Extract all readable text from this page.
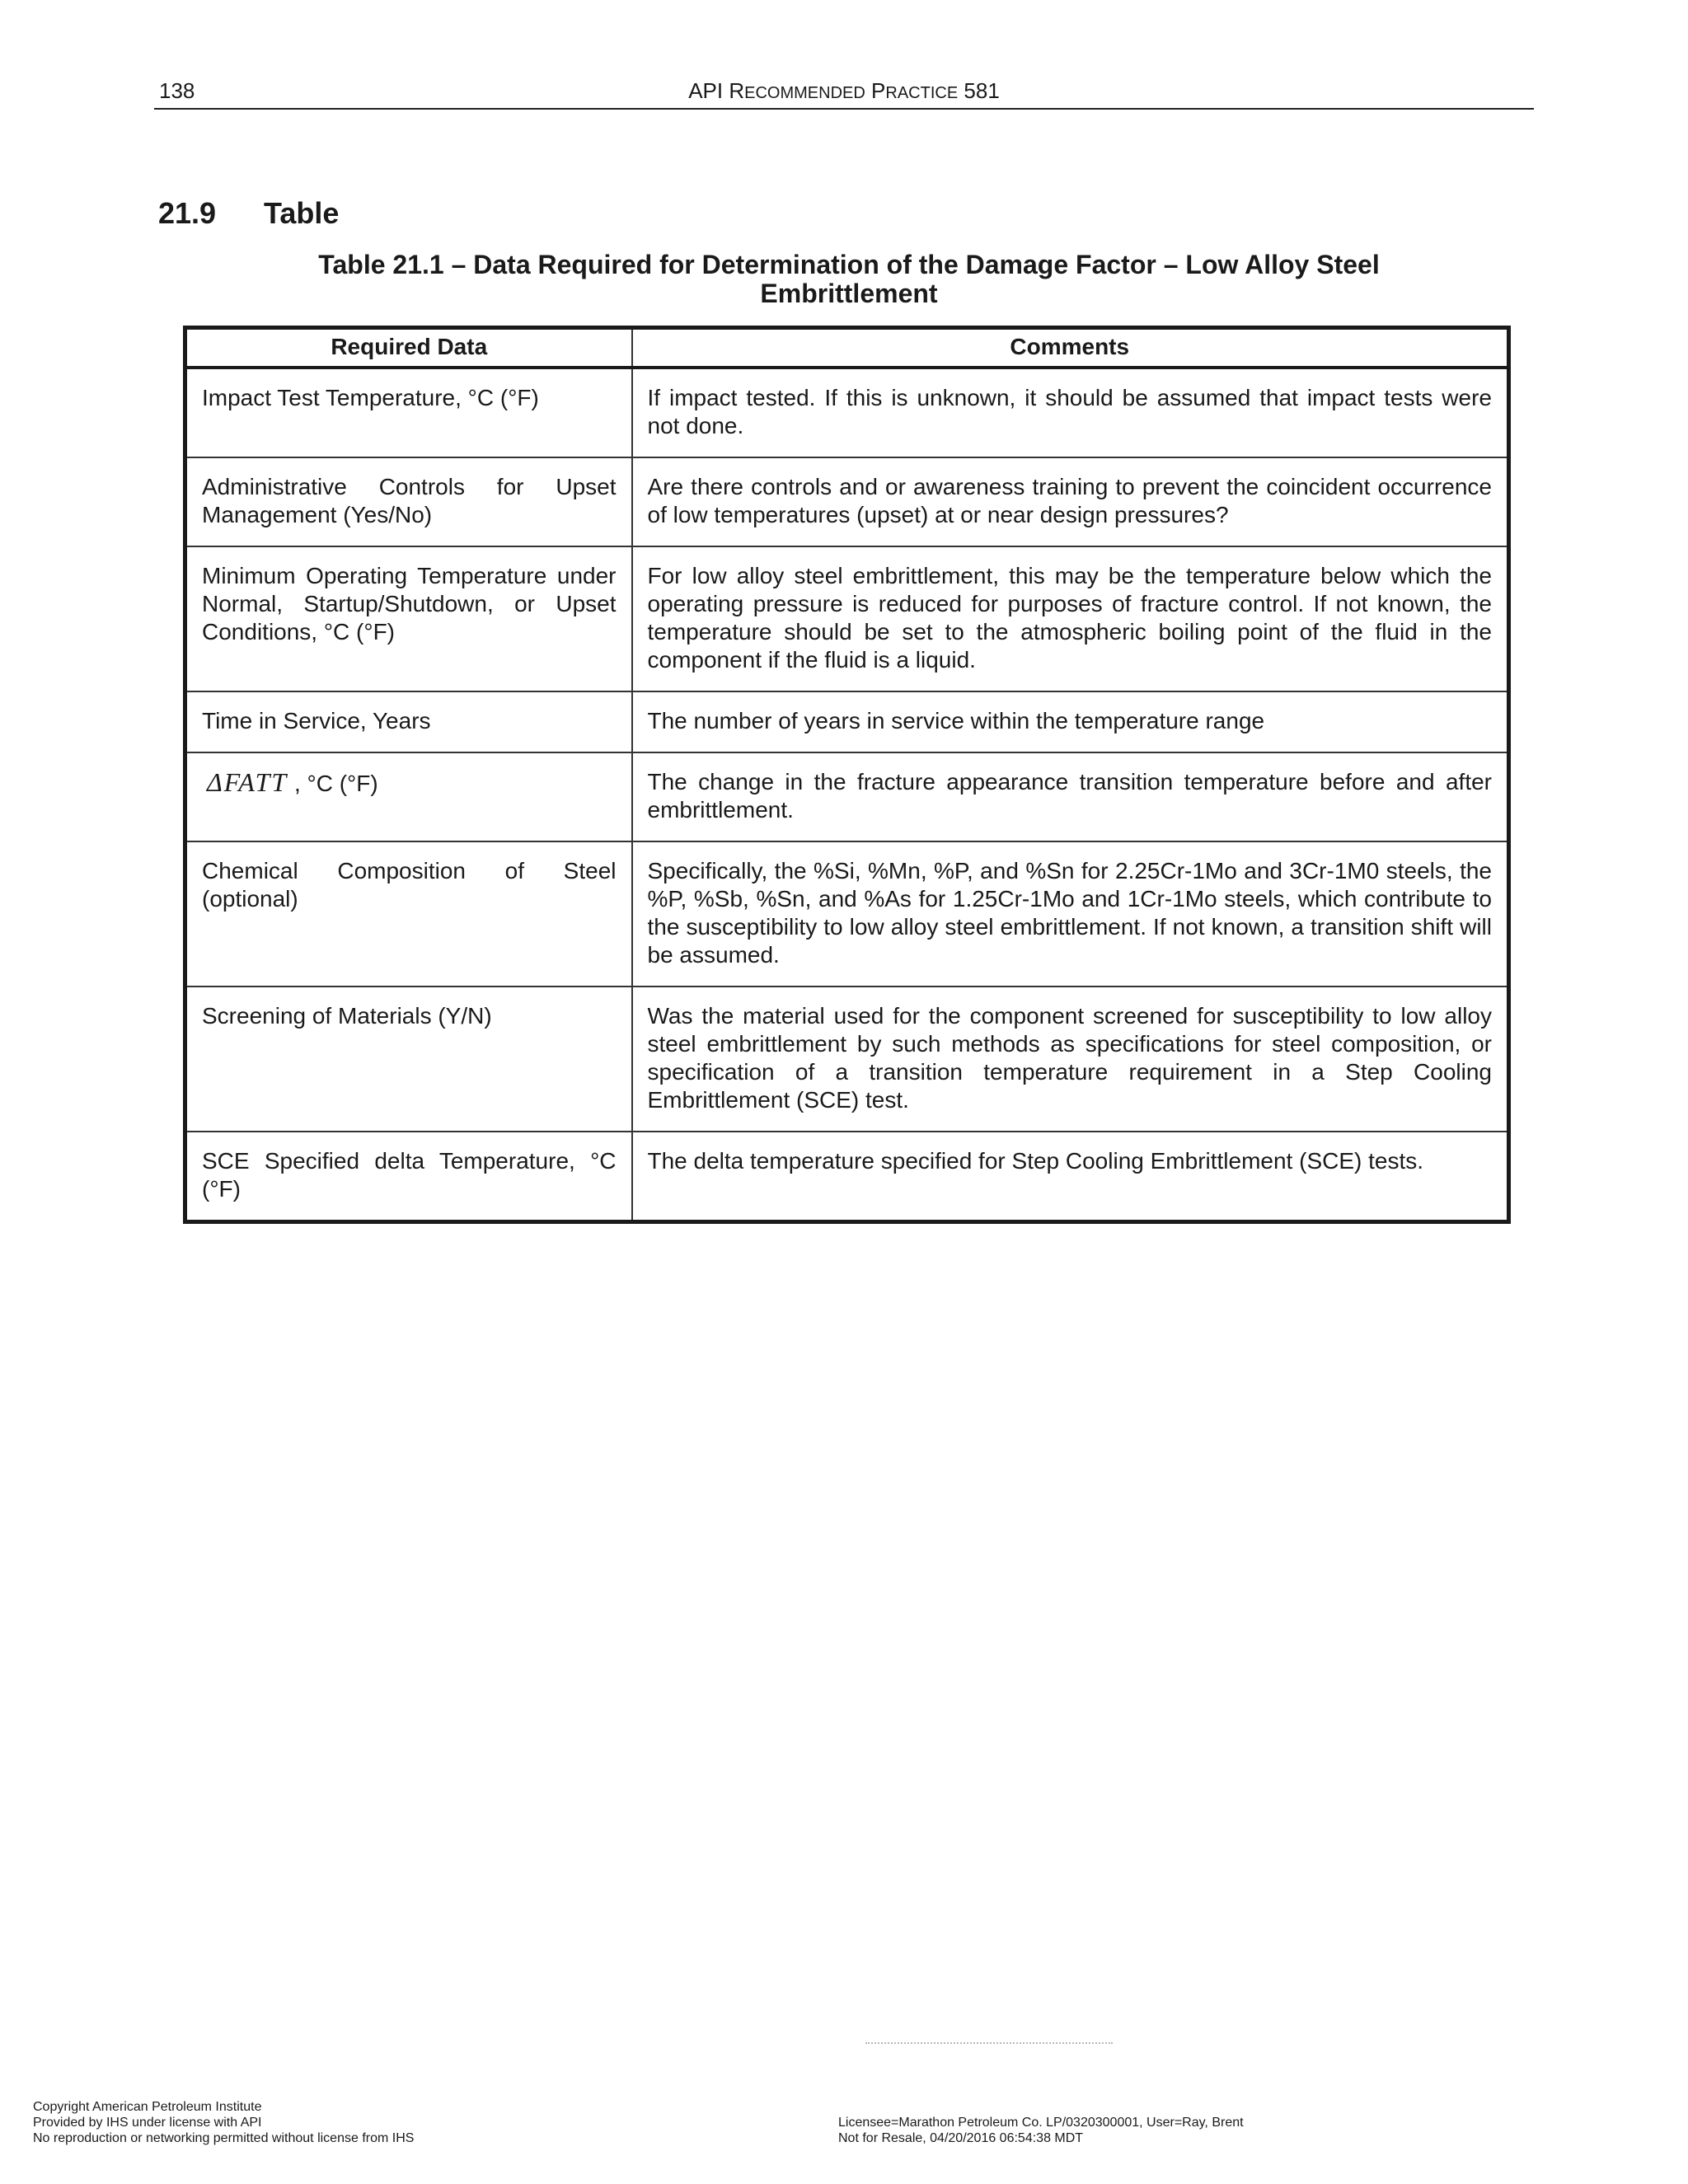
138	API RECOMMENDED PRACTICE 581
21.9 Table
Table 21.1 – Data Required for Determination of the Damage Factor – Low Alloy Steel
Embrittlement
Required Data	Comments
Impact Test Temperature, °C (°F)	If impact tested. If this is unknown, it should be assumed that impact tests were not done.
Administrative Controls for Upset Management (Yes/No)	Are there controls and or awareness training to prevent the coincident occurrence of low temperatures (upset) at or near design pressures?
Minimum Operating Temperature under Normal, Startup/Shutdown, or Upset Conditions, °C (°F)	For low alloy steel embrittlement, this may be the temperature below which the operating pressure is reduced for purposes of fracture control. If not known, the temperature should be set to the atmospheric boiling point of the fluid in the component if the fluid is a liquid.
Time in Service, Years	The number of years in service within the temperature range
ΔFATT , °C (°F)	The change in the fracture appearance transition temperature before and after embrittlement.
Chemical Composition of Steel (optional)	Specifically, the %Si, %Mn, %P, and %Sn for 2.25Cr-1Mo and 3Cr-1M0 steels, the %P, %Sb, %Sn, and %As for 1.25Cr-1Mo and 1Cr-1Mo steels, which contribute to the susceptibility to low alloy steel embrittlement. If not known, a transition shift will be assumed.
Screening of Materials (Y/N)	Was the material used for the component screened for susceptibility to low alloy steel embrittlement by such methods as specifications for steel composition, or specification of a transition temperature requirement in a Step Cooling Embrittlement (SCE) test.
SCE Specified delta Temperature, °C (°F)	The delta temperature specified for Step Cooling Embrittlement (SCE) tests.
Copyright American Petroleum Institute
Provided by IHS under license with API
No reproduction or networking permitted without license from IHS
Licensee=Marathon Petroleum Co. LP/0320300001, User=Ray, Brent
Not for Resale, 04/20/2016 06:54:38 MDT
